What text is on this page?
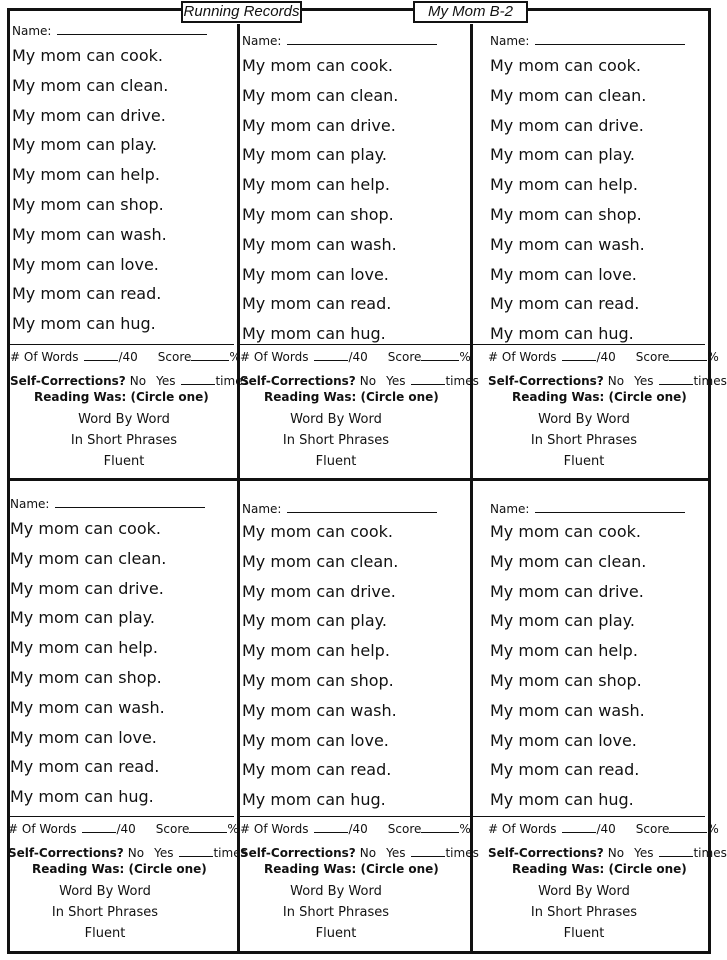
Running Records	My Mom B-2
Name:
My mom can cook.
My mom can clean.
My mom can drive.
My mom can play.
My mom can help.
My mom can shop.
My mom can wash.
My mom can love.
My mom can read.
My mom can hug.
# Of Words	/40 Score	%
Self-Corrections? No Yes	times
Reading Was: (Circle one)
Word By Word
In Short Phrases
Fluent
Name:
My mom can cook.
My mom can clean.
My mom can drive.
My mom can play.
My mom can help.
My mom can shop.
My mom can wash.
My mom can love.
My mom can read.
My mom can hug.
# Of Words	/40 Score	%
Self-Corrections? No Yes	times
Reading Was: (Circle one)
Word By Word
In Short Phrases
Fluent
Name:
My mom can cook.
My mom can clean.
My mom can drive.
My mom can play.
My mom can help.
My mom can shop.
My mom can wash.
My mom can love.
My mom can read.
My mom can hug.
# Of Words	/40 Score	%
Self-Corrections? No Yes	times
Reading Was: (Circle one)
Word By Word
In Short Phrases
Fluent
Name:
My mom can cook.
My mom can clean.
My mom can drive.
My mom can play.
My mom can help.
My mom can shop.
My mom can wash.
My mom can love.
My mom can read.
My mom can hug.
# Of Words	/40 Score	%
Self-Corrections? No Yes	times
Reading Was: (Circle one)
Word By Word
In Short Phrases
Fluent
Name:
My mom can cook.
My mom can clean.
My mom can drive.
My mom can play.
My mom can help.
My mom can shop.
My mom can wash.
My mom can love.
My mom can read.
My mom can hug.
# Of Words	/40 Score	%
Self-Corrections? No Yes	times
Reading Was: (Circle one)
Word By Word
In Short Phrases
Fluent
Name:
My mom can cook.
My mom can clean.
My mom can drive.
My mom can play.
My mom can help.
My mom can shop.
My mom can wash.
My mom can love.
My mom can read.
My mom can hug.
# Of Words	/40 Score	%
Self-Corrections? No Yes	times
Reading Was: (Circle one)
Word By Word
In Short Phrases
Fluent
